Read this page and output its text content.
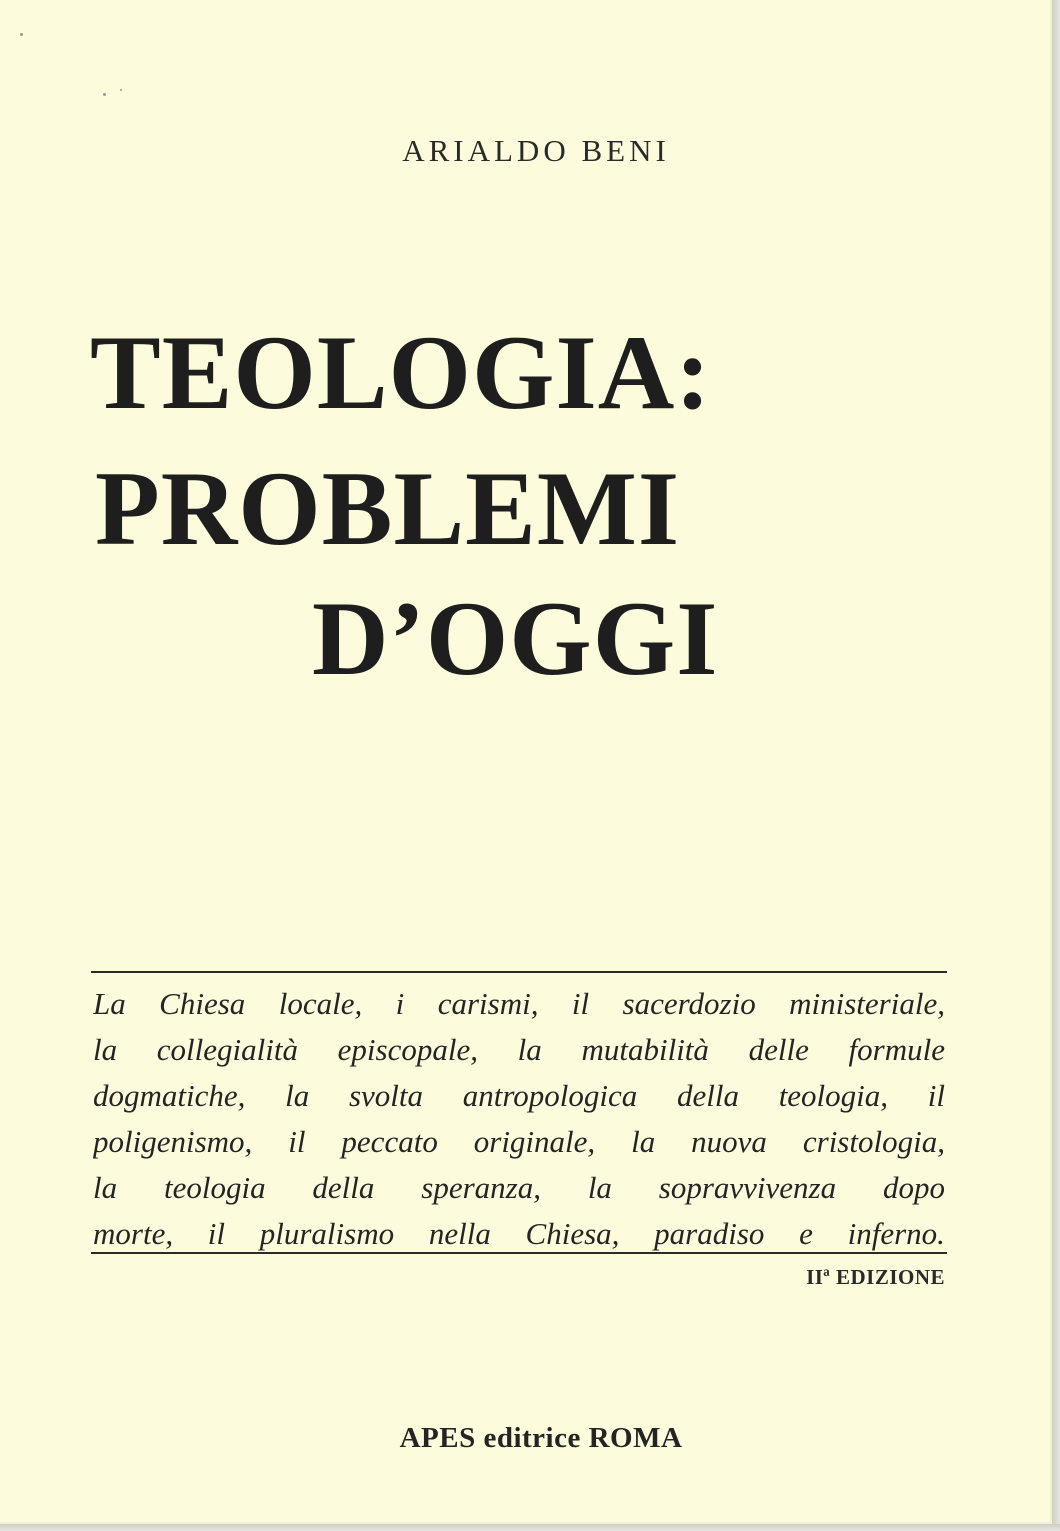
ARIALDO BENI
TEOLOGIA:
PROBLEMI
D’OGGI
La Chiesa locale, i carismi, il sacerdozio ministeriale,
la collegialità episcopale, la mutabilità delle formule
dogmatiche, la svolta antropologica della teologia, il
poligenismo, il peccato originale, la nuova cristologia,
la teologia della speranza, la sopravvivenza dopo
morte, il pluralismo nella Chiesa, paradiso e inferno.
IIª EDIZIONE
APES editrice ROMA
